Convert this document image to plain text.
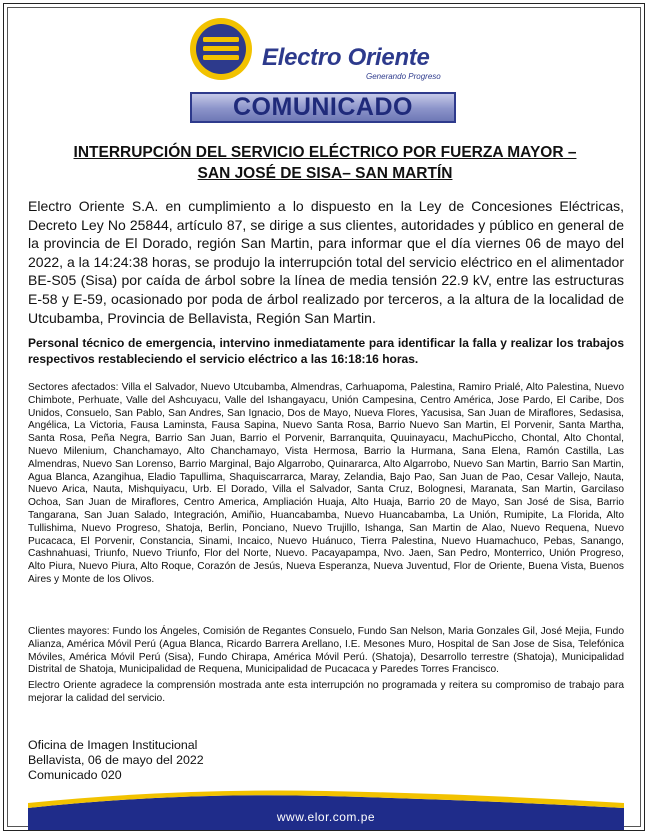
Electro Oriente
Generando Progreso
COMUNICADO
INTERRUPCIÓN DEL SERVICIO ELÉCTRICO POR FUERZA MAYOR –
SAN JOSÉ DE SISA– SAN MARTÍN
Electro Oriente S.A. en cumplimiento a lo dispuesto en la Ley de Concesiones Eléctricas, Decreto Ley No 25844, artículo 87, se dirige a sus clientes, autoridades y público en general de la provincia de El Dorado, región San Martin, para informar que el día viernes 06 de mayo del 2022, a la 14:24:38 horas, se produjo la interrupción total del servicio eléctrico en el alimentador BE-S05 (Sisa) por caída de árbol sobre la línea de media tensión 22.9 kV, entre las estructuras E-58 y E-59, ocasionado por poda de árbol realizado por terceros, a la altura de la localidad de Utcubamba, Provincia de Bellavista, Región San Martin.
Personal técnico de emergencia, intervino inmediatamente para identificar la falla y realizar los trabajos respectivos restableciendo el servicio eléctrico a las 16:18:16 horas.
Sectores afectados: Villa el Salvador, Nuevo Utcubamba, Almendras, Carhuapoma, Palestina, Ramiro Prialé, Alto Palestina, Nuevo Chimbote, Perhuate, Valle del Ashcuyacu, Valle del Ishangayacu, Unión Campesina, Centro América, Jose Pardo, El Caribe, Dos Unidos, Consuelo, San Pablo, San Andres, San Ignacio, Dos de Mayo, Nueva Flores, Yacusisa, San Juan de Miraflores, Sedasisa, Angélica, La Victoria, Fausa Laminsta, Fausa Sapina, Nuevo Santa Rosa, Barrio Nuevo San Martin, El Porvenir, Santa Martha, Santa Rosa, Peña Negra, Barrio San Juan, Barrio el Porvenir, Barranquita, Quuinayacu, MachuPiccho, Chontal, Alto Chontal, Nuevo Milenium, Chanchamayo, Alto Chanchamayo, Vista Hermosa, Barrio la Hurmana, Sana Elena, Ramón Castilla, Las Almendras, Nuevo San Lorenso, Barrio Marginal, Bajo Algarrobo, Quinararca, Alto Algarrobo, Nuevo San Martin, Barrio San Martin, Agua Blanca, Azangihua, Eladio Tapullima, Shaquiscarrarca, Maray, Zelandia, Bajo Pao, San Juan de Pao, Cesar Vallejo, Nauta, Nuevo Arica, Nauta, Mishquiyacu, Urb. El Dorado, Villa el Salvador, Santa Cruz, Bolognesi, Maranata, San Martin, Garcilaso Ochoa, San Juan de Miraflores, Centro America, Ampliación Huaja, Alto Huaja, Barrio 20 de Mayo, San José de Sisa, Barrio Tangarana, San Juan Salado, Integración, Amiñio, Huancabamba, Nuevo Huancabamba, La Unión, Rumipite, La Florida, Alto Tullishima, Nuevo Progreso, Shatoja, Berlin, Ponciano, Nuevo Trujillo, Ishanga, San Martin de Alao, Nuevo Requena, Nuevo Pucacaca, El Porvenir, Constancia, Sinami, Incaico, Nuevo Huánuco, Tierra Palestina, Nuevo Huamachuco, Pebas, Sanango, Cashnahuasi, Triunfo, Nuevo Triunfo, Flor del Norte, Nuevo. Pacayapampa, Nvo. Jaen, San Pedro, Monterrico, Unión Progreso, Alto Piura, Nuevo Piura, Alto Roque, Corazón de Jesús, Nueva Esperanza, Nueva Juventud, Flor de Oriente, Buena Vista, Buenos Aires y Monte de los Olivos.
Clientes mayores: Fundo los Ángeles, Comisión de Regantes Consuelo, Fundo San Nelson, Maria Gonzales Gil, José Mejia, Fundo Alianza, América Móvil Perú (Agua Blanca, Ricardo Barrera Arellano, I.E. Mesones Muro, Hospital de San Jose de Sisa, Telefónica Móviles, América Móvil Perú (Sisa), Fundo Chirapa, América Móvil Perú. (Shatoja), Desarrollo terrestre (Shatoja), Municipalidad Distrital de Shatoja, Municipalidad de Requena, Municipalidad de Pucacaca y Paredes Torres Francisco.
Electro Oriente agradece la comprensión mostrada ante esta interrupción no programada y reitera su compromiso de trabajo para mejorar la calidad del servicio.
Oficina de Imagen Institucional
Bellavista, 06 de mayo del 2022
Comunicado 020
www.elor.com.pe
